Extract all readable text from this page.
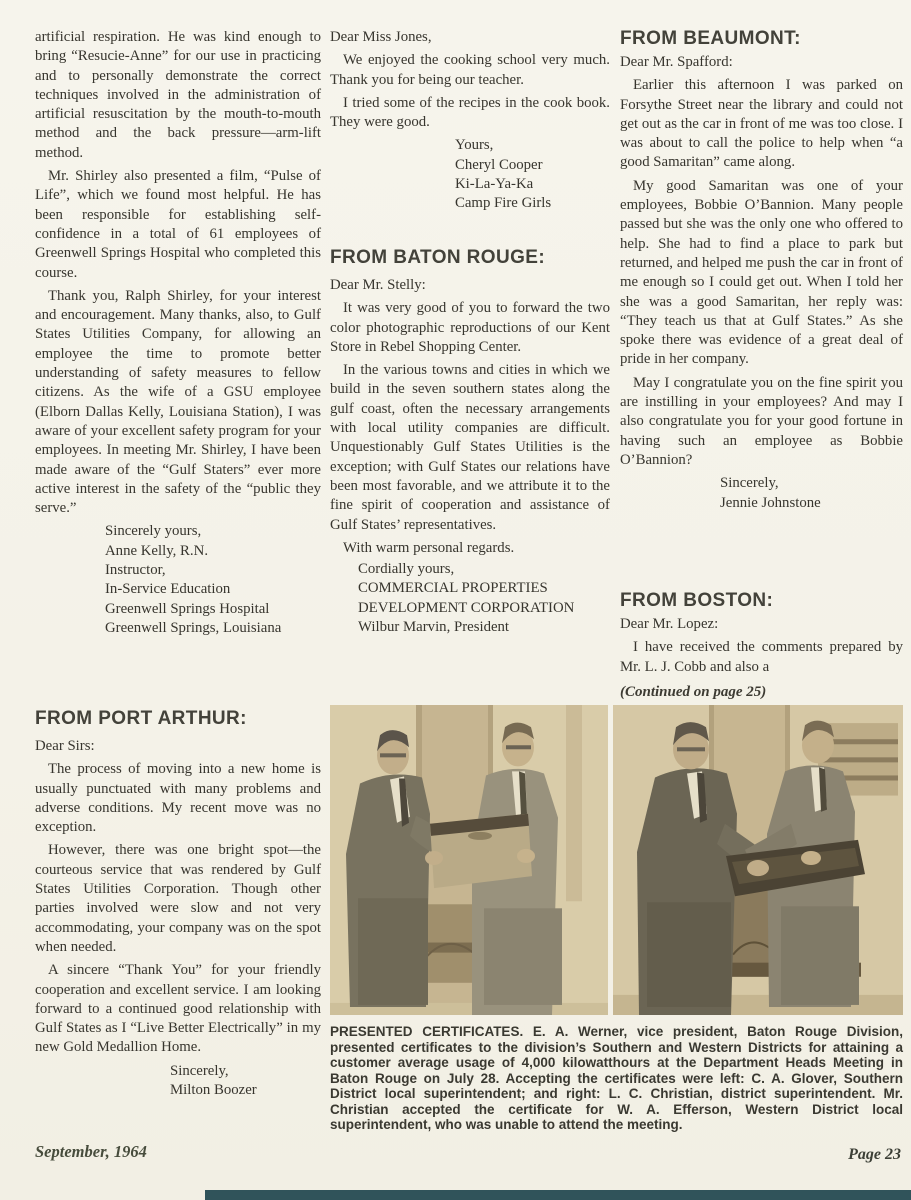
artificial respiration. He was kind enough to bring “Resucie-Anne” for our use in practicing and to personally demonstrate the correct techniques involved in the administration of artificial resuscitation by the mouth-to-mouth method and the back pressure—arm-lift method.

Mr. Shirley also presented a film, “Pulse of Life”, which we found most helpful. He has been responsible for establishing self-confidence in a total of 61 employees of Greenwell Springs Hospital who completed this course.

Thank you, Ralph Shirley, for your interest and encouragement. Many thanks, also, to Gulf States Utilities Company, for allowing an employee the time to promote better understanding of safety measures to fellow citizens. As the wife of a GSU employee (Elborn Dallas Kelly, Louisiana Station), I was aware of your excellent safety program for your employees. In meeting Mr. Shirley, I have been made aware of the “Gulf Staters” ever more active interest in the safety of the “public they serve.”

Sincerely yours,
Anne Kelly, R.N.
Instructor,
In-Service Education
Greenwell Springs Hospital
Greenwell Springs, Louisiana
FROM PORT ARTHUR:

Dear Sirs:

The process of moving into a new home is usually punctuated with many problems and adverse conditions. My recent move was no exception.

However, there was one bright spot—the courteous service that was rendered by Gulf States Utilities Corporation. Though other parties involved were slow and not very accommodating, your company was on the spot when needed.

A sincere “Thank You” for your friendly cooperation and excellent service. I am looking forward to a continued good relationship with Gulf States as I “Live Better Electrically” in my new Gold Medallion Home.

Sincerely,
Milton Boozer

Dear Miss Jones,

We enjoyed the cooking school very much. Thank you for being our teacher.

I tried some of the recipes in the cook book. They were good.

Yours,
Cheryl Cooper
Ki-La-Ya-Ka
Camp Fire Girls
FROM BATON ROUGE:

Dear Mr. Stelly:

It was very good of you to forward the two color photographic reproductions of our Kent Store in Rebel Shopping Center.

In the various towns and cities in which we build in the seven southern states along the gulf coast, often the necessary arrangements with local utility companies are difficult. Unquestionably Gulf States Utilities is the exception; with Gulf States our relations have been most favorable, and we attribute it to the fine spirit of cooperation and assistance of Gulf States’ representatives.

With warm personal regards.

Cordially yours,
COMMERCIAL PROPERTIES
DEVELOPMENT CORPORATION
Wilbur Marvin, President
FROM BEAUMONT:

Dear Mr. Spafford:

Earlier this afternoon I was parked on Forsythe Street near the library and could not get out as the car in front of me was too close. I was about to call the police to help when “a good Samaritan” came along.

My good Samaritan was one of your employees, Bobbie O’Bannion. Many people passed but she was the only one who offered to help. She had to find a place to park but returned, and helped me push the car in front of me enough so I could get out. When I told her she was a good Samaritan, her reply was: “They teach us that at Gulf States.” As she spoke there was evidence of a great deal of pride in her company.

May I congratulate you on the fine spirit you are instilling in your employees? And may I also congratulate you for your good fortune in having such an employee as Bobbie O’Bannion?

Sincerely,
Jennie Johnstone
FROM BOSTON:

Dear Mr. Lopez:

I have received the comments prepared by Mr. L. J. Cobb and also a

(Continued on page 25)

PRESENTED CERTIFICATES. E. A. Werner, vice president, Baton Rouge Division, presented certificates to the division’s Southern and Western Districts for attaining a customer average usage of 4,000 kilowatthours at the Department Heads Meeting in Baton Rouge on July 28. Accepting the certificates were left: C. A. Glover, Southern District local superintendent; and right: L. C. Christian, district superintendent. Mr. Christian accepted the certificate for W. A. Efferson, Western District local superintendent, who was unable to attend the meeting.
September, 1964	Page 23
